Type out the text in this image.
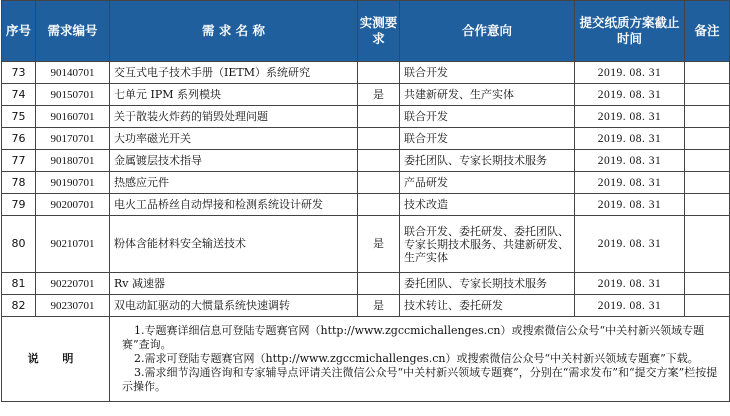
序号	需求编号	需 求 名 称	实测要求	合作意向	提交纸质方案截止时间	备注
73	90140701	交互式电子技术手册（IETM）系统研究		联合开发	2019. 08. 31	
74	90150701	七单元 IPM 系列模块	是	共建新研发、生产实体	2019. 08. 31	
75	90160701	关于散装火炸药的销毁处理问题		联合开发	2019. 08. 31	
76	90170701	大功率磁光开关		联合开发	2019. 08. 31	
77	90180701	金属镀层技术指导		委托团队、专家长期技术服务	2019. 08. 31	
78	90190701	热感应元件		产品研发	2019. 08. 31	
79	90200701	电火工品桥丝自动焊接和检测系统设计研发		技术改造	2019. 08. 31	
80	90210701	粉体含能材料安全输送技术	是	联合开发、委托研发、委托团队、
专家长期技术服务、共建新研发、
生产实体	2019. 08. 31	
81	90220701	Rv 减速器		委托团队、专家长期技术服务	2019. 08. 31	
82	90230701	双电动缸驱动的大惯量系统快速调转	是	技术转让、委托研发	2019. 08. 31	
说 明		1.专题赛详细信息可登陆专题赛官网（http://www.zgccmichallenges.cn）或搜索微信公众号“中关村新兴领域专题赛”查询。
2.需求可登陆专题赛官网（http://www.zgccmichallenges.cn）或搜索微信公众号“中关村新兴领域专题赛”下载。
3.需求细节沟通咨询和专家辅导点评请关注微信公众号“中关村新兴领域专题赛”，分别在“需求发布”和“提交方案”栏按提示操作。				
